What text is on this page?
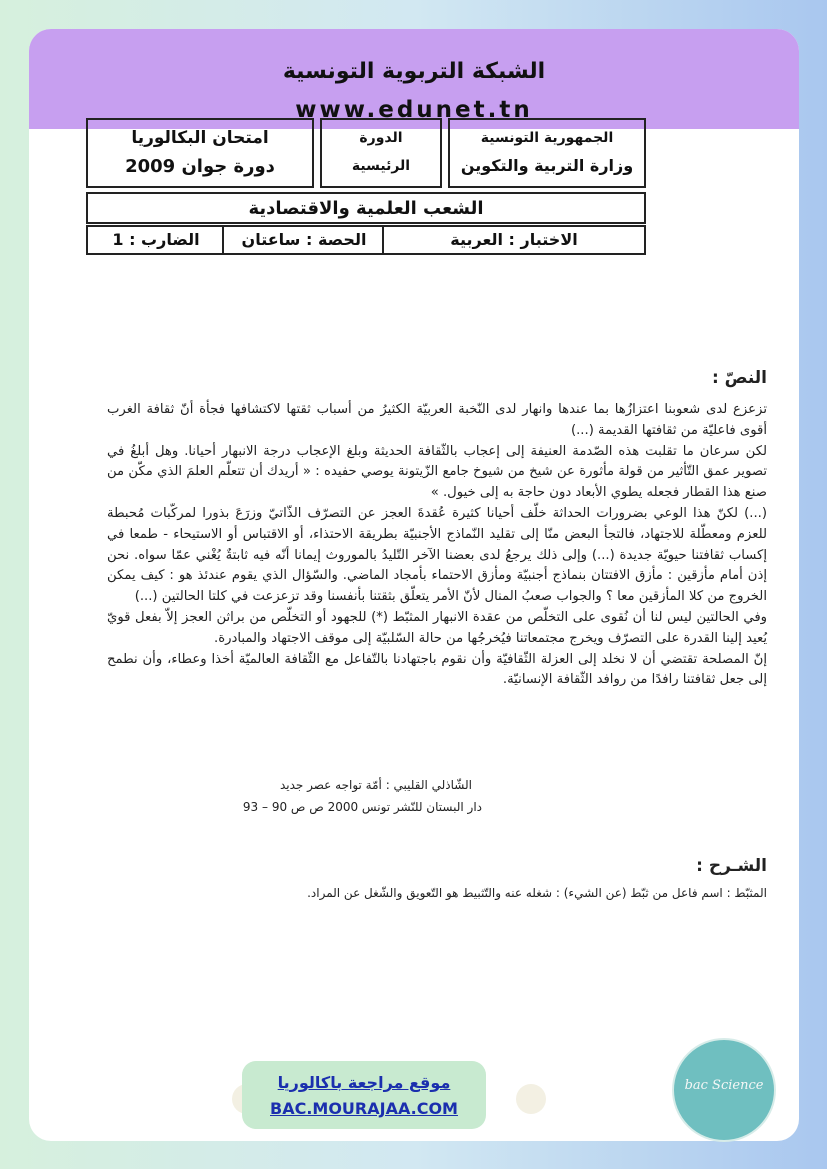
الشبكة التربوية التونسية
www.edunet.tn
الجمهورية التونسية
وزارة التربية والتكوين
الدورة
الرئيسية
امتحان البكالوريا
دورة جوان 2009
الشعب العلمية والاقتصادية
الاختبار : العربية
الحصة : ساعتان
الضارب : 1
النصّ :

تزعزع لدى شعوبنا اعتزازُها بما عندها وانهار لدى النّخبة العربيّة الكثيرُ من أسباب ثقتها لاكتشافها فجأة أنّ ثقافة الغرب أقوى فاعليّة من ثقافتها القديمة (...)

لكن سرعان ما تقلبت هذه الصّدمة العنيفة إلى إعجاب بالثّقافة الحديثة وبلغ الإعجاب درجة الانبهار أحيانا. وهل أبلغُ في تصوير عمق التّأثير من قولة مأثورة عن شيخ من شيوخ جامع الزّيتونة يوصي حفيده : « أريدك أن تتعلّم العلمَ الذي مكّن من صنع هذا القطار فجعله يطوي الأبعاد دون حاجة به إلى خيول. »

(...) لكنّ هذا الوعي بضرورات الحداثة خلّف أحيانا كثيرة عُقدةَ العجز عن التصرّف الذّاتيّ وزرَعَ بذورا لمركّبات مُحبطة للعزم ومعطّلة للاجتهاد، فالتجأ البعض منّا إلى تقليد النّماذج الأجنبيّة بطريقة الاحتذاء، أو الاقتباس أو الاستيحاء - طمعا في إكساب ثقافتنا حيويّة جديدة (...) وإلى ذلك يرجعُ لدى بعضنا الآخر التّليدُ بالموروث إيمانا أنّه فيه ثابتةٌ يُغْني عمّا سواه. نحن إذن أمام مأزقين : مأزق الافتتان بنماذج أجنبيّة ومأزق الاحتماء بأمجاد الماضي. والسّؤال الذي يقوم عندئذ هو : كيف يمكن الخروج من كلا المأزقين معا ؟ والجواب صعبُ المنال لأنّ الأمر يتعلّق بثقتنا بأنفسنا وقد تزعزعت في كلتا الحالتين (...)

وفي الحالتين ليس لنا أن نُقوى على التخلّص من عقدة الانبهار المثبّط (*) للجهود أو التخلّص من براثن العجز إلاّ بفعل قويّ يُعيد إلينا القدرة على التصرّف ويخرج مجتمعاتنا فيُخرجُها من حالة السّلبيّة إلى موقف الاجتهاد والمبادرة.

إنّ المصلحة تقتضي أن لا نخلد إلى العزلة الثّقافيّة وأن نقوم باجتهادنا بالتّفاعل مع الثّقافة العالميّة أخذا وعطاء، وأن نطمح إلى جعل ثقافتنا رافدًا من روافد الثّقافة الإنسانيّة.

الشّاذلي القليبي : أمّة تواجه عصر جديد
دار البستان للنّشر تونس 2000 ص ص 90 – 93
الشـرح :
المثبّط : اسم فاعل من ثبّط (عن الشيء) : شغله عنه والتّثبيط هو التّعويق والشّغل عن المراد.
موقع مراجعة باكالوريا
BAC.MOURAJAA.COM
bac Science
